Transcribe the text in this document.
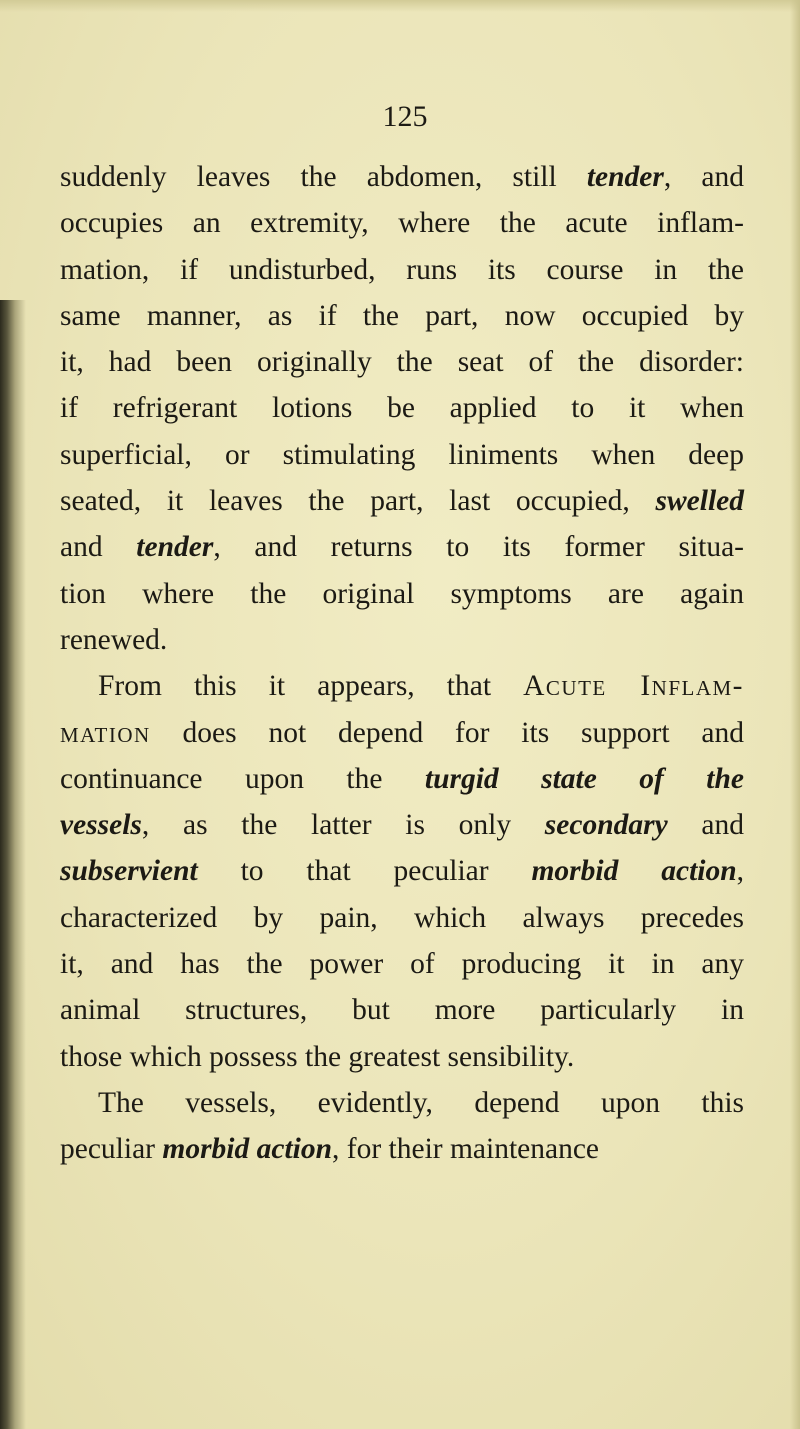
125
suddenly leaves the abdomen, still tender, and
occupies an extremity, where the acute inflam-
mation, if undisturbed, runs its course in the
same manner, as if the part, now occupied by
it, had been originally the seat of the disorder:
if refrigerant lotions be applied to it when
superficial, or stimulating liniments when deep
seated, it leaves the part, last occupied, swelled
and tender, and returns to its former situa-
tion where the original symptoms are again
renewed.
From this it appears, that Acute Inflam-
mation does not depend for its support and
continuance upon the turgid state of the
vessels, as the latter is only secondary and
subservient to that peculiar morbid action,
characterized by pain, which always precedes
it, and has the power of producing it in any
animal structures, but more particularly in
those which possess the greatest sensibility.
The vessels, evidently, depend upon this
peculiar morbid action, for their maintenance
